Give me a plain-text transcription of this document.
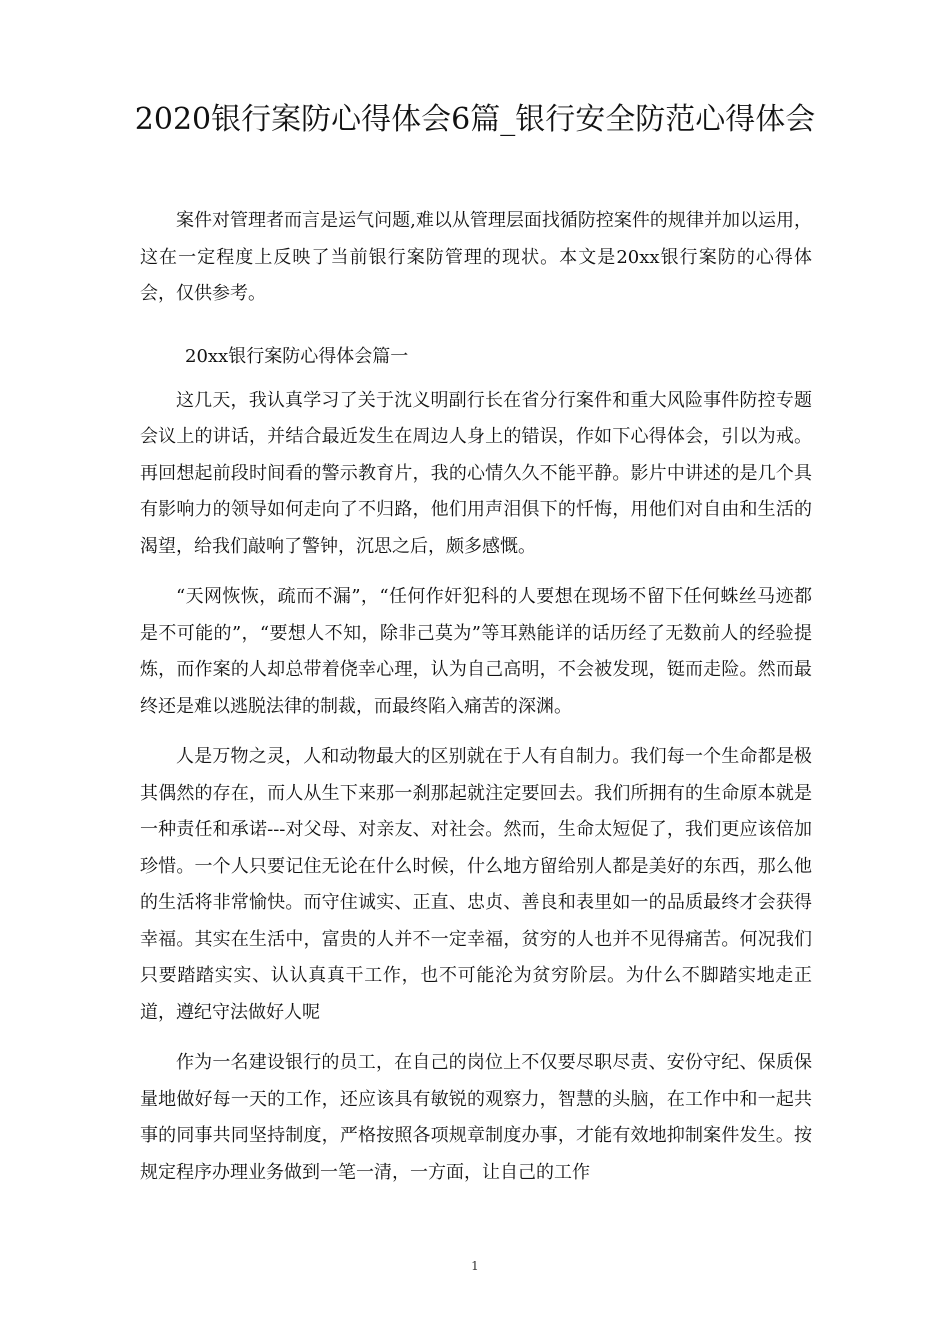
2020银行案防心得体会6篇_银行安全防范心得体会

案件对管理者而言是运气问题,难以从管理层面找循防控案件的规律并加以运用，这在一定程度上反映了当前银行案防管理的现状。本文是20xx银行案防的心得体会，仅供参考。

20xx银行案防心得体会篇一

这几天，我认真学习了关于沈义明副行长在省分行案件和重大风险事件防控专题会议上的讲话，并结合最近发生在周边人身上的错误，作如下心得体会，引以为戒。再回想起前段时间看的警示教育片，我的心情久久不能平静。影片中讲述的是几个具有影响力的领导如何走向了不归路，他们用声泪俱下的忏悔，用他们对自由和生活的渴望，给我们敲响了警钟，沉思之后，颇多感慨。

“天网恢恢，疏而不漏”，“任何作奸犯科的人要想在现场不留下任何蛛丝马迹都是不可能的”，“要想人不知，除非己莫为”等耳熟能详的话历经了无数前人的经验提炼，而作案的人却总带着侥幸心理，认为自己高明，不会被发现，铤而走险。然而最终还是难以逃脱法律的制裁，而最终陷入痛苦的深渊。

人是万物之灵，人和动物最大的区别就在于人有自制力。我们每一个生命都是极其偶然的存在，而人从生下来那一刹那起就注定要回去。我们所拥有的生命原本就是一种责任和承诺---对父母、对亲友、对社会。然而，生命太短促了，我们更应该倍加珍惜。一个人只要记住无论在什么时候，什么地方留给别人都是美好的东西，那么他的生活将非常愉快。而守住诚实、正直、忠贞、善良和表里如一的品质最终才会获得幸福。其实在生活中，富贵的人并不一定幸福，贫穷的人也并不见得痛苦。何况我们只要踏踏实实、认认真真干工作，也不可能沦为贫穷阶层。为什么不脚踏实地走正道，遵纪守法做好人呢

作为一名建设银行的员工，在自己的岗位上不仅要尽职尽责、安份守纪、保质保量地做好每一天的工作，还应该具有敏锐的观察力，智慧的头脑，在工作中和一起共事的同事共同坚持制度，严格按照各项规章制度办事，才能有效地抑制案件发生。按规定程序办理业务做到一笔一清，一方面，让自己的工作

1
